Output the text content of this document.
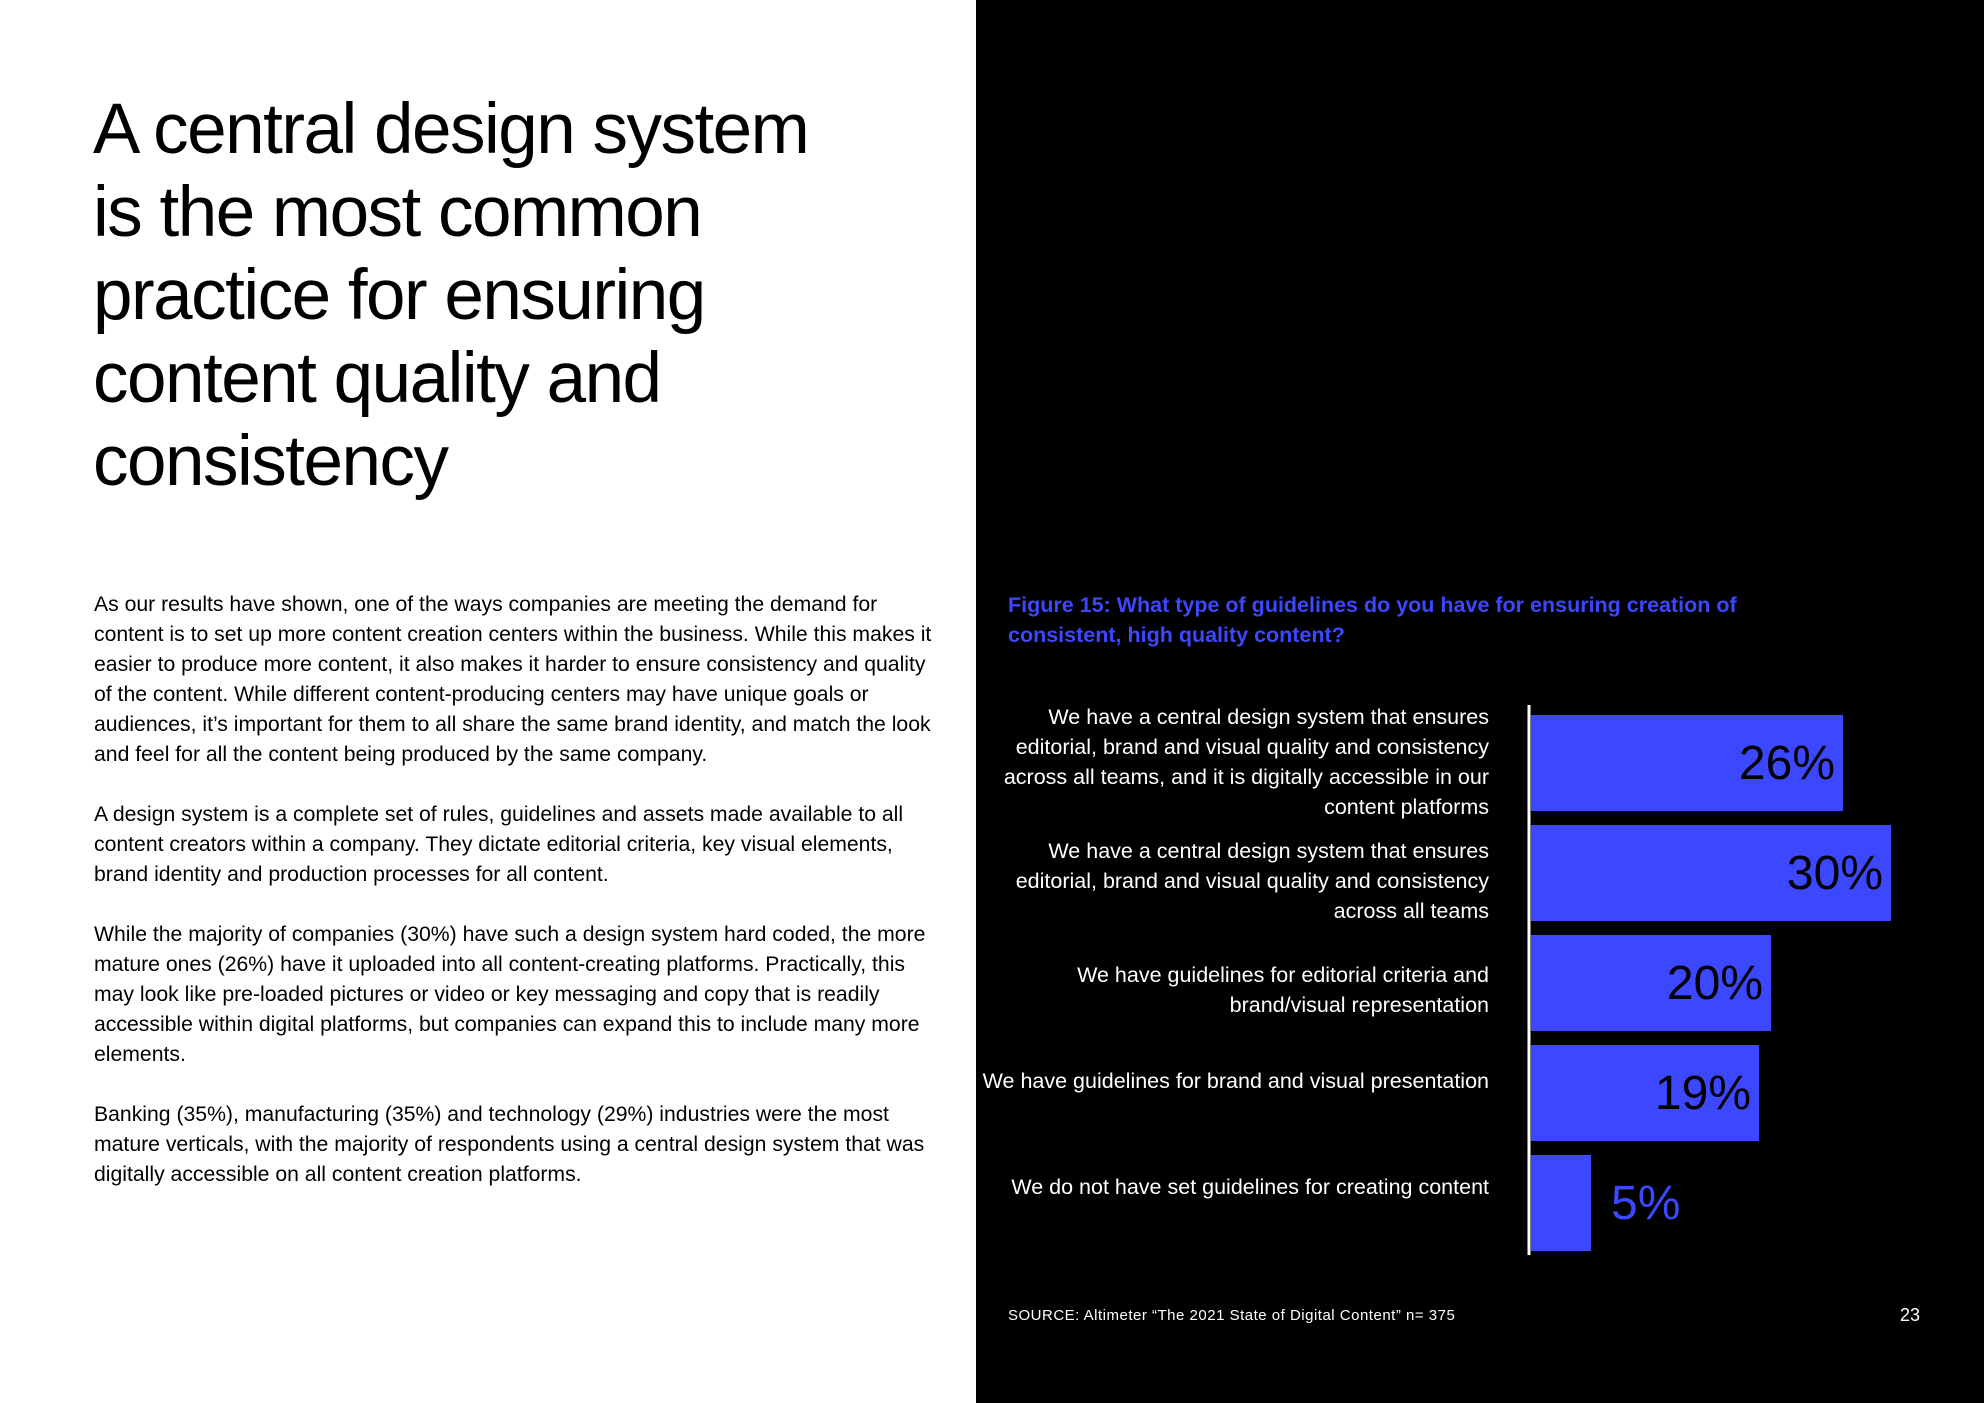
A central design system
is the most common
practice for ensuring
content quality and
consistency

As our results have shown, one of the ways companies are meeting the demand for content is to set up more content creation centers within the business. While this makes it easier to produce more content, it also makes it harder to ensure consistency and quality of the content. While different content-producing centers may have unique goals or audiences, it’s important for them to all share the same brand identity, and match the look and feel for all the content being produced by the same company.

A design system is a complete set of rules, guidelines and assets made available to all content creators within a company. They dictate editorial criteria, key visual elements, brand identity and production processes for all content.

While the majority of companies (30%) have such a design system hard coded, the more mature ones (26%) have it uploaded into all content-creating platforms. Practically, this may look like pre-loaded pictures or video or key messaging and copy that is readily accessible within digital platforms, but companies can expand this to include many more elements.

Banking (35%), manufacturing (35%) and technology (29%) industries were the most mature verticals, with the majority of respondents using a central design system that was digitally accessible on all content creation platforms.

Figure 15: What type of guidelines do you have for ensuring creation of consistent, high quality content?

We have a central design system that ensures editorial, brand and visual quality and consistency across all teams, and it is digitally accessible in our content platforms
We have a central design system that ensures editorial, brand and visual quality and consistency across all teams
We have guidelines for editorial criteria and brand/visual representation
We have guidelines for brand and visual presentation
We do not have set guidelines for creating content
26%
30%
20%
19%
5%
SOURCE: Altimeter “The 2021 State of Digital Content” n= 375	23
